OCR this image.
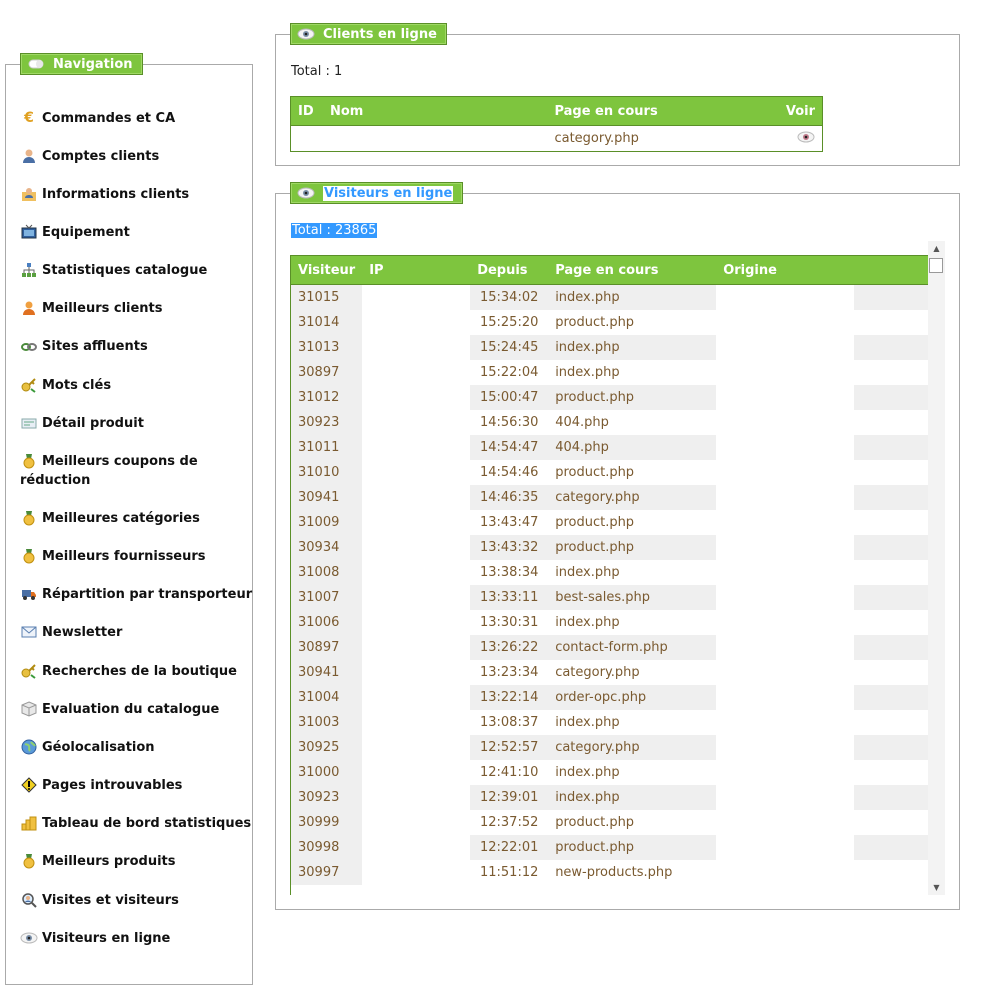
Navigation
€ Commandes et CA
Comptes clients
Informations clients
Equipement
Statistiques catalogue
Meilleurs clients
Sites affluents
Mots clés
Détail produit
Meilleurs coupons de
réduction
Meilleures catégories
Meilleurs fournisseurs
Répartition par transporteur
Newsletter
Recherches de la boutique
Evaluation du catalogue
Géolocalisation
Pages introuvables
Tableau de bord statistiques
Meilleurs produits
Visites et visiteurs
Visiteurs en ligne
Clients en ligne
Total : 1
ID	Nom	Page en cours	Voir
		category.php	
Visiteurs en ligne
Total : 23865
Visiteur	IP	Depuis	Page en cours	Origine	
31015		15:34:02	index.php		
31014		15:25:20	product.php		
31013		15:24:45	index.php		
30897		15:22:04	index.php		
31012		15:00:47	product.php		
30923		14:56:30	404.php		
31011		14:54:47	404.php		
31010		14:54:46	product.php		
30941		14:46:35	category.php		
31009		13:43:47	product.php		
30934		13:43:32	product.php		
31008		13:38:34	index.php		
31007		13:33:11	best-sales.php		
31006		13:30:31	index.php		
30897		13:26:22	contact-form.php		
30941		13:23:34	category.php		
31004		13:22:14	order-opc.php		
31003		13:08:37	index.php		
30925		12:52:57	category.php		
31000		12:41:10	index.php		
30923		12:39:01	index.php		
30999		12:37:52	product.php		
30998		12:22:01	product.php		
30997		11:51:12	new-products.php		
▲
▼
